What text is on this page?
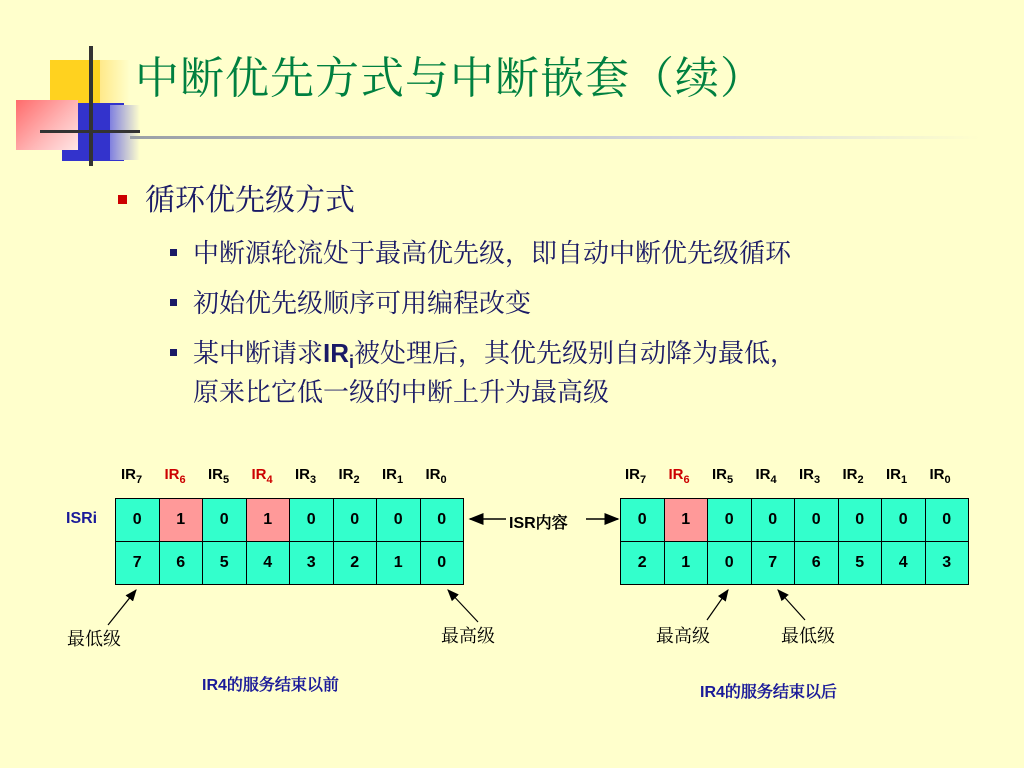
中断优先方式与中断嵌套（续）
循环优先级方式
中断源轮流处于最高优先级，即自动中断优先级循环
初始优先级顺序可用编程改变
某中断请求$IR_i$被处理后，其优先级别自动降为最低，
原来比它低一级的中断上升为最高级
$IR_7$ $IR_6$ $IR_5$ $IR_4$ $IR_3$ $IR_2$ $IR_1$ $IR_0$	$IR_7$ $IR_6$ $IR_5$ $IR_4$ $IR_3$ $IR_2$ $IR_1$ $IR_0$
0	1	0	1	0	0	0	0
7	6	5	4	3	2	1	0
0	1	0	0	0	0	0	0
2	1	0	7	6	5	4	3
ISRi	ISR内容
最低级	最高级	最高级	最低级
IR4的服务结束以前	IR4的服务结束以后
